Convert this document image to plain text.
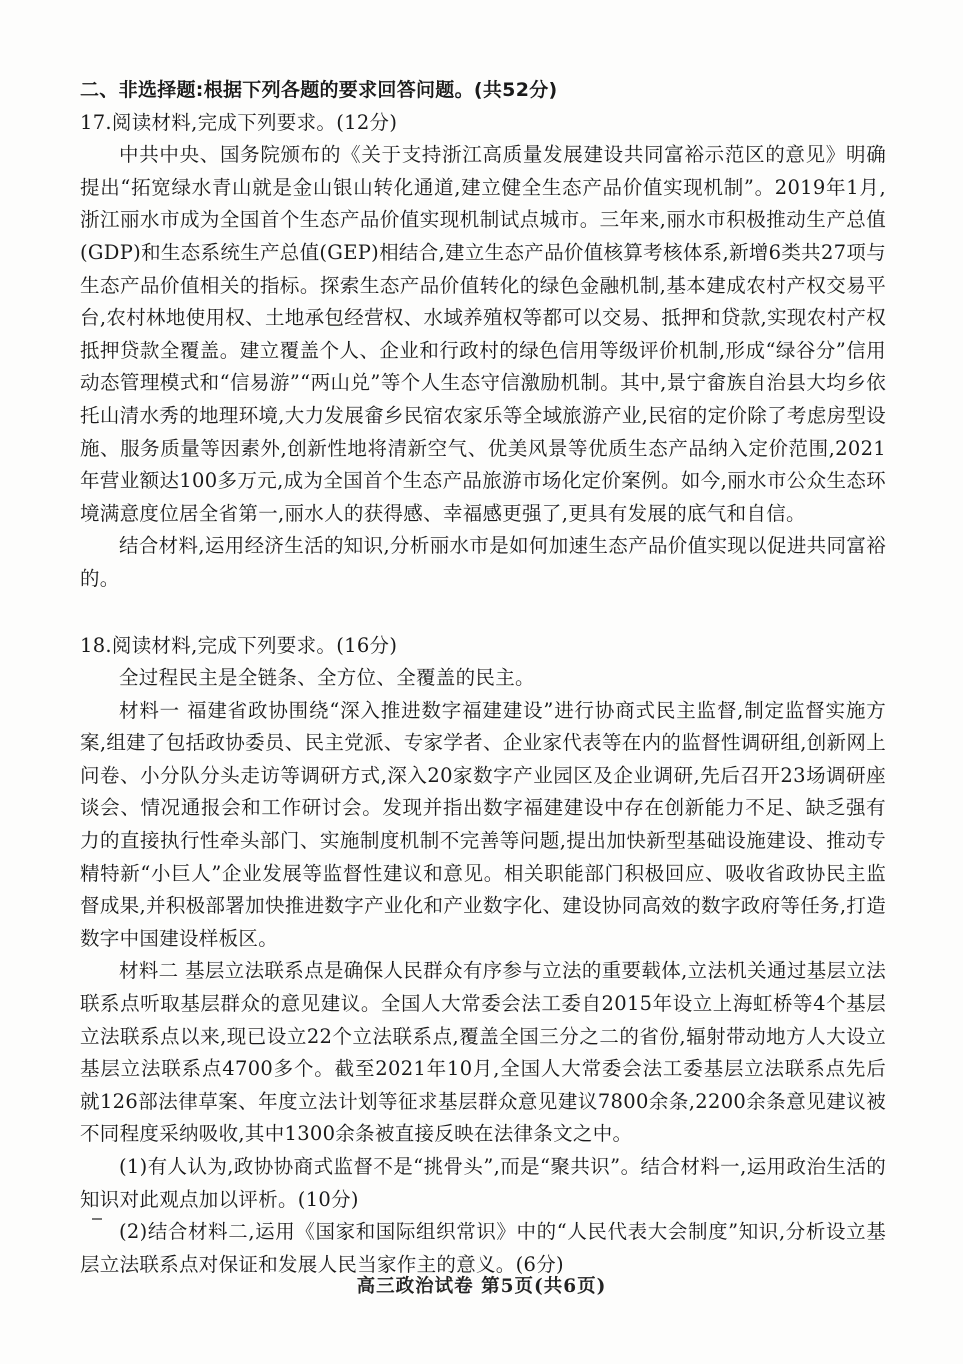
二、非选择题:根据下列各题的要求回答问题。(共52分)

17.阅读材料,完成下列要求。(12分)

中共中央、国务院颁布的《关于支持浙江高质量发展建设共同富裕示范区的意见》明确提出“拓宽绿水青山就是金山银山转化通道,建立健全生态产品价值实现机制”。2019年1月,浙江丽水市成为全国首个生态产品价值实现机制试点城市。三年来,丽水市积极推动生产总值(GDP)和生态系统生产总值(GEP)相结合,建立生态产品价值核算考核体系,新增6类共27项与生态产品价值相关的指标。探索生态产品价值转化的绿色金融机制,基本建成农村产权交易平台,农村林地使用权、土地承包经营权、水域养殖权等都可以交易、抵押和贷款,实现农村产权抵押贷款全覆盖。建立覆盖个人、企业和行政村的绿色信用等级评价机制,形成“绿谷分”信用动态管理模式和“信易游”“两山兑”等个人生态守信激励机制。其中,景宁畲族自治县大均乡依托山清水秀的地理环境,大力发展畲乡民宿农家乐等全域旅游产业,民宿的定价除了考虑房型设施、服务质量等因素外,创新性地将清新空气、优美风景等优质生态产品纳入定价范围,2021年营业额达100多万元,成为全国首个生态产品旅游市场化定价案例。如今,丽水市公众生态环境满意度位居全省第一,丽水人的获得感、幸福感更强了,更具有发展的底气和自信。

结合材料,运用经济生活的知识,分析丽水市是如何加速生态产品价值实现以促进共同富裕的。

18.阅读材料,完成下列要求。(16分)

全过程民主是全链条、全方位、全覆盖的民主。

材料一 福建省政协围绕“深入推进数字福建建设”进行协商式民主监督,制定监督实施方案,组建了包括政协委员、民主党派、专家学者、企业家代表等在内的监督性调研组,创新网上问卷、小分队分头走访等调研方式,深入20家数字产业园区及企业调研,先后召开23场调研座谈会、情况通报会和工作研讨会。发现并指出数字福建建设中存在创新能力不足、缺乏强有力的直接执行性牵头部门、实施制度机制不完善等问题,提出加快新型基础设施建设、推动专精特新“小巨人”企业发展等监督性建议和意见。相关职能部门积极回应、吸收省政协民主监督成果,并积极部署加快推进数字产业化和产业数字化、建设协同高效的数字政府等任务,打造数字中国建设样板区。

材料二 基层立法联系点是确保人民群众有序参与立法的重要载体,立法机关通过基层立法联系点听取基层群众的意见建议。全国人大常委会法工委自2015年设立上海虹桥等4个基层立法联系点以来,现已设立22个立法联系点,覆盖全国三分之二的省份,辐射带动地方人大设立基层立法联系点4700多个。截至2021年10月,全国人大常委会法工委基层立法联系点先后就126部法律草案、年度立法计划等征求基层群众意见建议7800余条,2200余条意见建议被不同程度采纳吸收,其中1300余条被直接反映在法律条文之中。

(1)有人认为,政协协商式监督不是“挑骨头”,而是“聚共识”。结合材料一,运用政治生活的知识对此观点加以评析。(10分)

(2)结合材料二,运用《国家和国际组织常识》中的“人民代表大会制度”知识,分析设立基层立法联系点对保证和发展人民当家作主的意义。(6分)

高三政治试卷 第5页(共6页)
